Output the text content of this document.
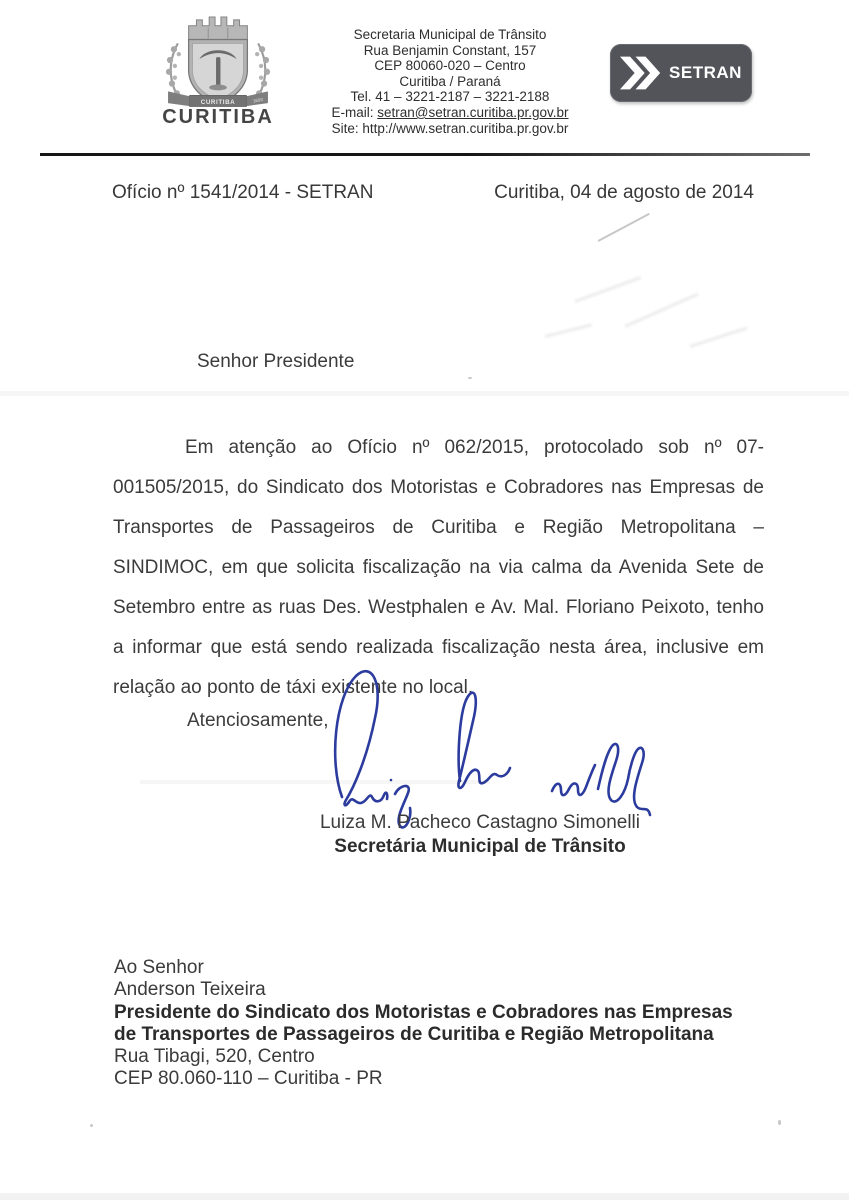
CURITIBA	1693
CURITIBA
Secretaria Municipal de Trânsito
Rua Benjamin Constant, 157
CEP 80060-020 – Centro
Curitiba / Paraná
Tel. 41 – 3221-2187 – 3221-2188
E-mail: setran@setran.curitiba.pr.gov.br
Site: http://www.setran.curitiba.pr.gov.br
SETRAN
Ofício nº 1541/2014 - SETRAN	Curitiba, 04 de agosto de 2014
Senhor Presidente

Em atenção ao Ofício nº 062/2015, protocolado sob nº 07-001505/2015, do Sindicato dos Motoristas e Cobradores nas Empresas de Transportes de Passageiros de Curitiba e Região Metropolitana – SINDIMOC, em que solicita fiscalização na via calma da Avenida Sete de Setembro entre as ruas Des. Westphalen e Av. Mal. Floriano Peixoto, tenho a informar que está sendo realizada fiscalização nesta área, inclusive em relação ao ponto de táxi existente no local.

Atenciosamente,
Luiza M. Pacheco Castagno Simonelli
Secretária Municipal de Trânsito
Ao Senhor
Anderson Teixeira
Presidente do Sindicato dos Motoristas e Cobradores nas Empresas
de Transportes de Passageiros de Curitiba e Região Metropolitana
Rua Tibagi, 520, Centro
CEP 80.060-110 – Curitiba - PR
